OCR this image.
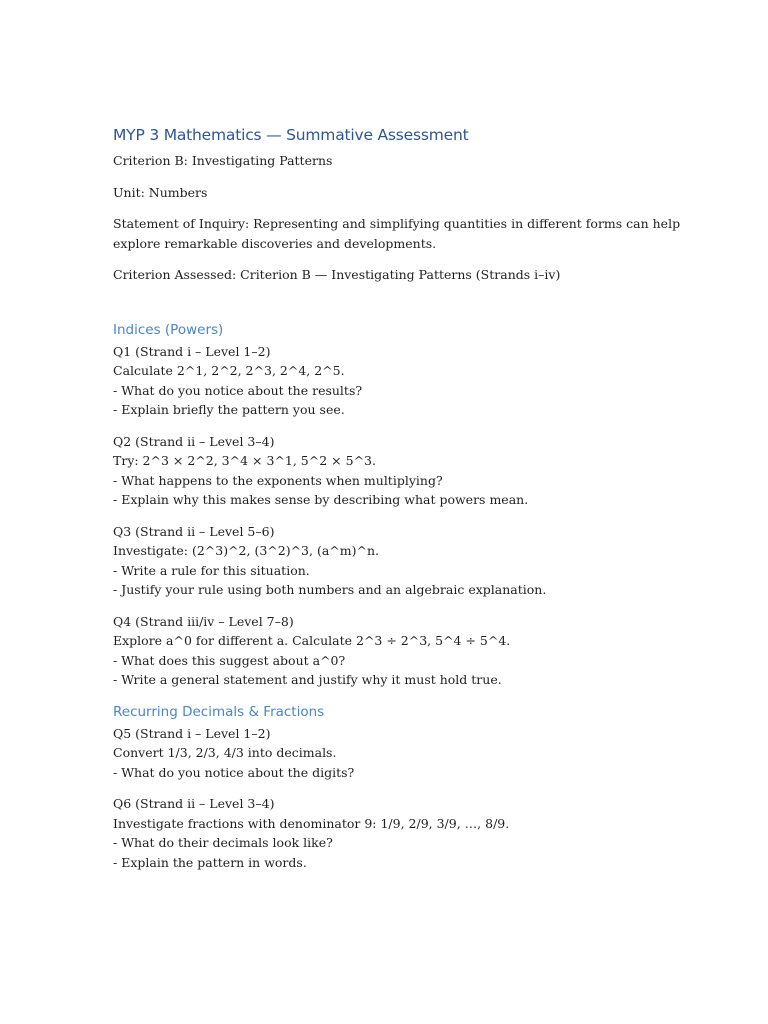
MYP 3 Mathematics — Summative Assessment

Criterion B: Investigating Patterns

Unit: Numbers

Statement of Inquiry: Representing and simplifying quantities in different forms can help
explore remarkable discoveries and developments.

Criterion Assessed: Criterion B — Investigating Patterns (Strands i–iv)

Indices (Powers)

Q1 (Strand i – Level 1–2)
Calculate 2^1, 2^2, 2^3, 2^4, 2^5.
- What do you notice about the results?
- Explain briefly the pattern you see.

Q2 (Strand ii – Level 3–4)
Try: 2^3 × 2^2, 3^4 × 3^1, 5^2 × 5^3.
- What happens to the exponents when multiplying?
- Explain why this makes sense by describing what powers mean.

Q3 (Strand ii – Level 5–6)
Investigate: (2^3)^2, (3^2)^3, (a^m)^n.
- Write a rule for this situation.
- Justify your rule using both numbers and an algebraic explanation.

Q4 (Strand iii/iv – Level 7–8)
Explore a^0 for different a. Calculate 2^3 ÷ 2^3, 5^4 ÷ 5^4.
- What does this suggest about a^0?
- Write a general statement and justify why it must hold true.

Recurring Decimals & Fractions

Q5 (Strand i – Level 1–2)
Convert 1/3, 2/3, 4/3 into decimals.
- What do you notice about the digits?

Q6 (Strand ii – Level 3–4)
Investigate fractions with denominator 9: 1/9, 2/9, 3/9, …, 8/9.
- What do their decimals look like?
- Explain the pattern in words.
